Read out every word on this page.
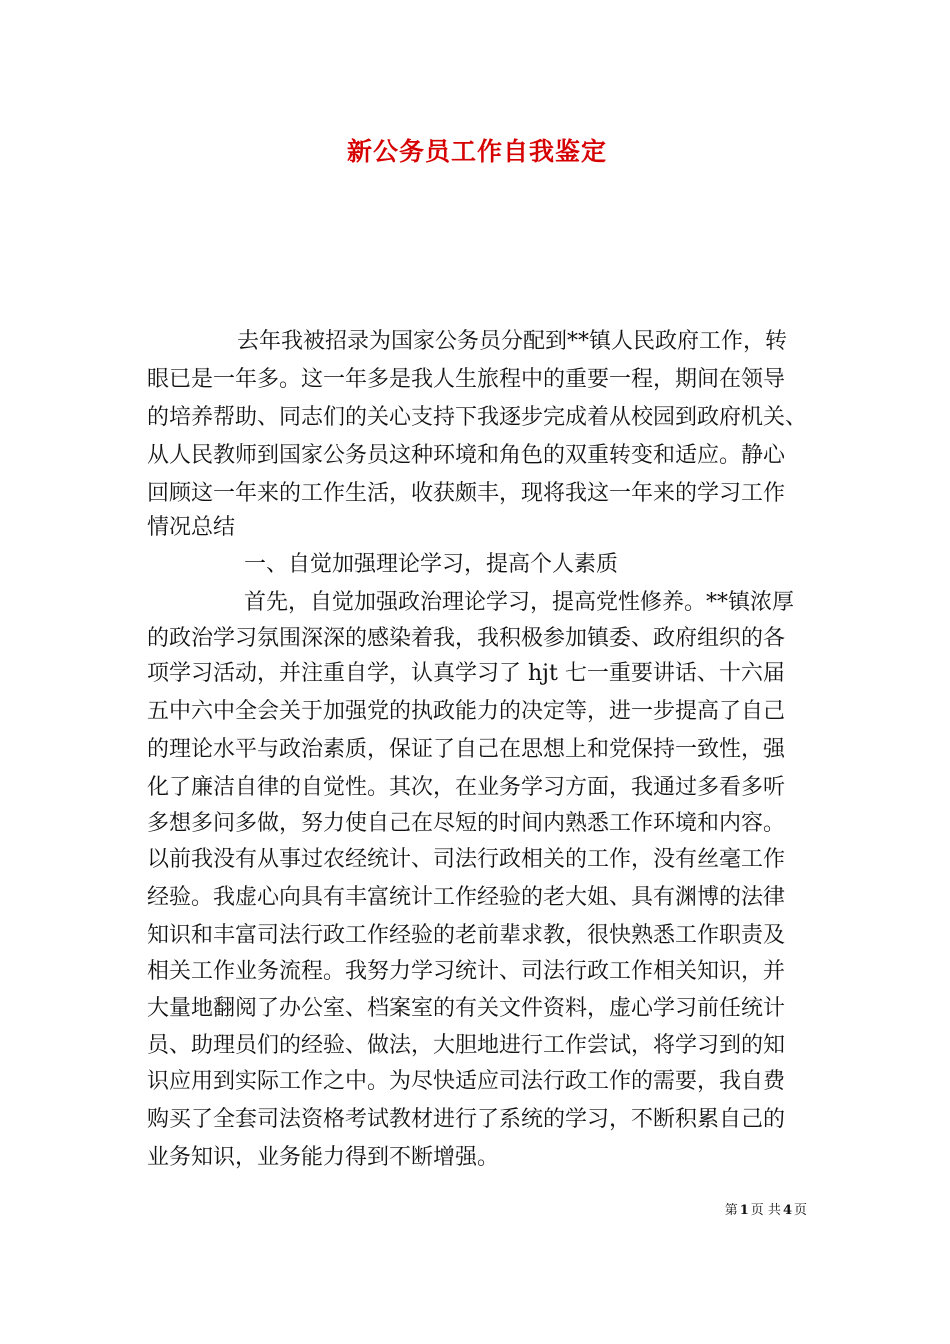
新公务员工作自我鉴定

去年我被招录为国家公务员分配到**镇人民政府工作，转

眼已是一年多。这一年多是我人生旅程中的重要一程，期间在领导

的培养帮助、同志们的关心支持下我逐步完成着从校园到政府机关、

从人民教师到国家公务员这种环境和角色的双重转变和适应。静心

回顾这一年来的工作生活，收获颇丰，现将我这一年来的学习工作

情况总结

一、自觉加强理论学习，提高个人素质

首先，自觉加强政治理论学习，提高党性修养。**镇浓厚

的政治学习氛围深深的感染着我，我积极参加镇委、政府组织的各

项学习活动，并注重自学，认真学习了 hjt 七一重要讲话、十六届

五中六中全会关于加强党的执政能力的决定等，进一步提高了自己

的理论水平与政治素质，保证了自己在思想上和党保持一致性，强

化了廉洁自律的自觉性。其次，在业务学习方面，我通过多看多听

多想多问多做，努力使自己在尽短的时间内熟悉工作环境和内容。

以前我没有从事过农经统计、司法行政相关的工作，没有丝毫工作

经验。我虚心向具有丰富统计工作经验的老大姐、具有渊博的法律

知识和丰富司法行政工作经验的老前辈求教，很快熟悉工作职责及

相关工作业务流程。我努力学习统计、司法行政工作相关知识，并

大量地翻阅了办公室、档案室的有关文件资料，虚心学习前任统计

员、助理员们的经验、做法，大胆地进行工作尝试，将学习到的知

识应用到实际工作之中。为尽快适应司法行政工作的需要，我自费

购买了全套司法资格考试教材进行了系统的学习，不断积累自己的

业务知识，业务能力得到不断增强。

第 1 页 共 4 页
